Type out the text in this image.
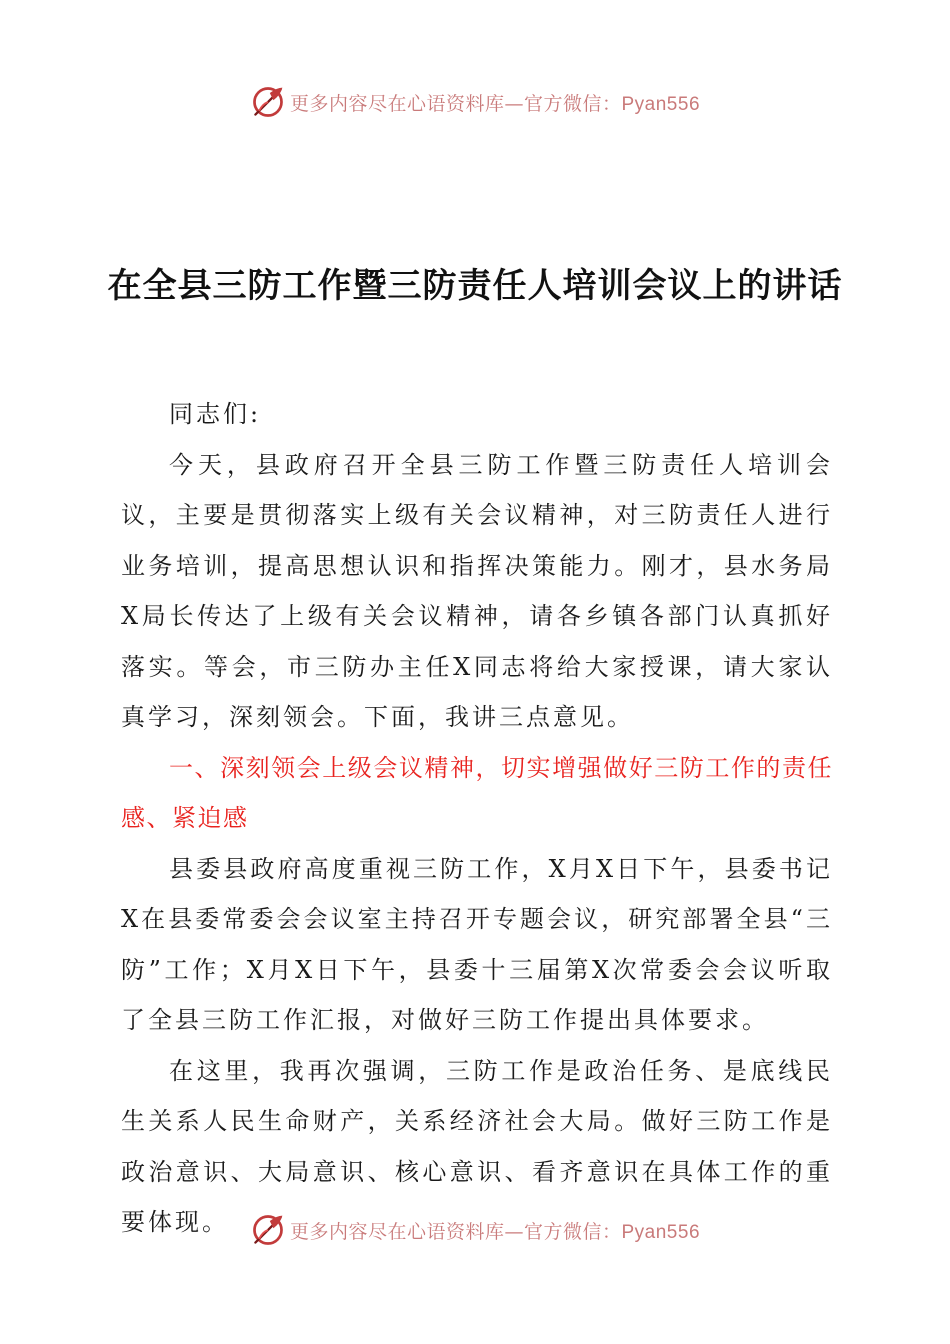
更多内容尽在心语资料库—官方微信：Pyan556
在全县三防工作暨三防责任人培训会议上的讲话

同志们:

今天，县政府召开全县三防工作暨三防责任人培训会议，主要是贯彻落实上级有关会议精神，对三防责任人进行业务培训，提高思想认识和指挥决策能力。刚才，县水务局X局长传达了上级有关会议精神，请各乡镇各部门认真抓好落实。等会，市三防办主任X同志将给大家授课，请大家认真学习，深刻领会。下面，我讲三点意见。

一、深刻领会上级会议精神，切实增强做好三防工作的责任感、紧迫感

县委县政府高度重视三防工作，X月X日下午，县委书记X在县委常委会会议室主持召开专题会议，研究部署全县“三防”工作；X月X日下午，县委十三届第X次常委会会议听取了全县三防工作汇报，对做好三防工作提出具体要求。

在这里，我再次强调，三防工作是政治任务、是底线民生关系人民生命财产，关系经济社会大局。做好三防工作是政治意识、大局意识、核心意识、看齐意识在具体工作的重要体现。	更多内容尽在心语资料库—官方微信：Pyan556
